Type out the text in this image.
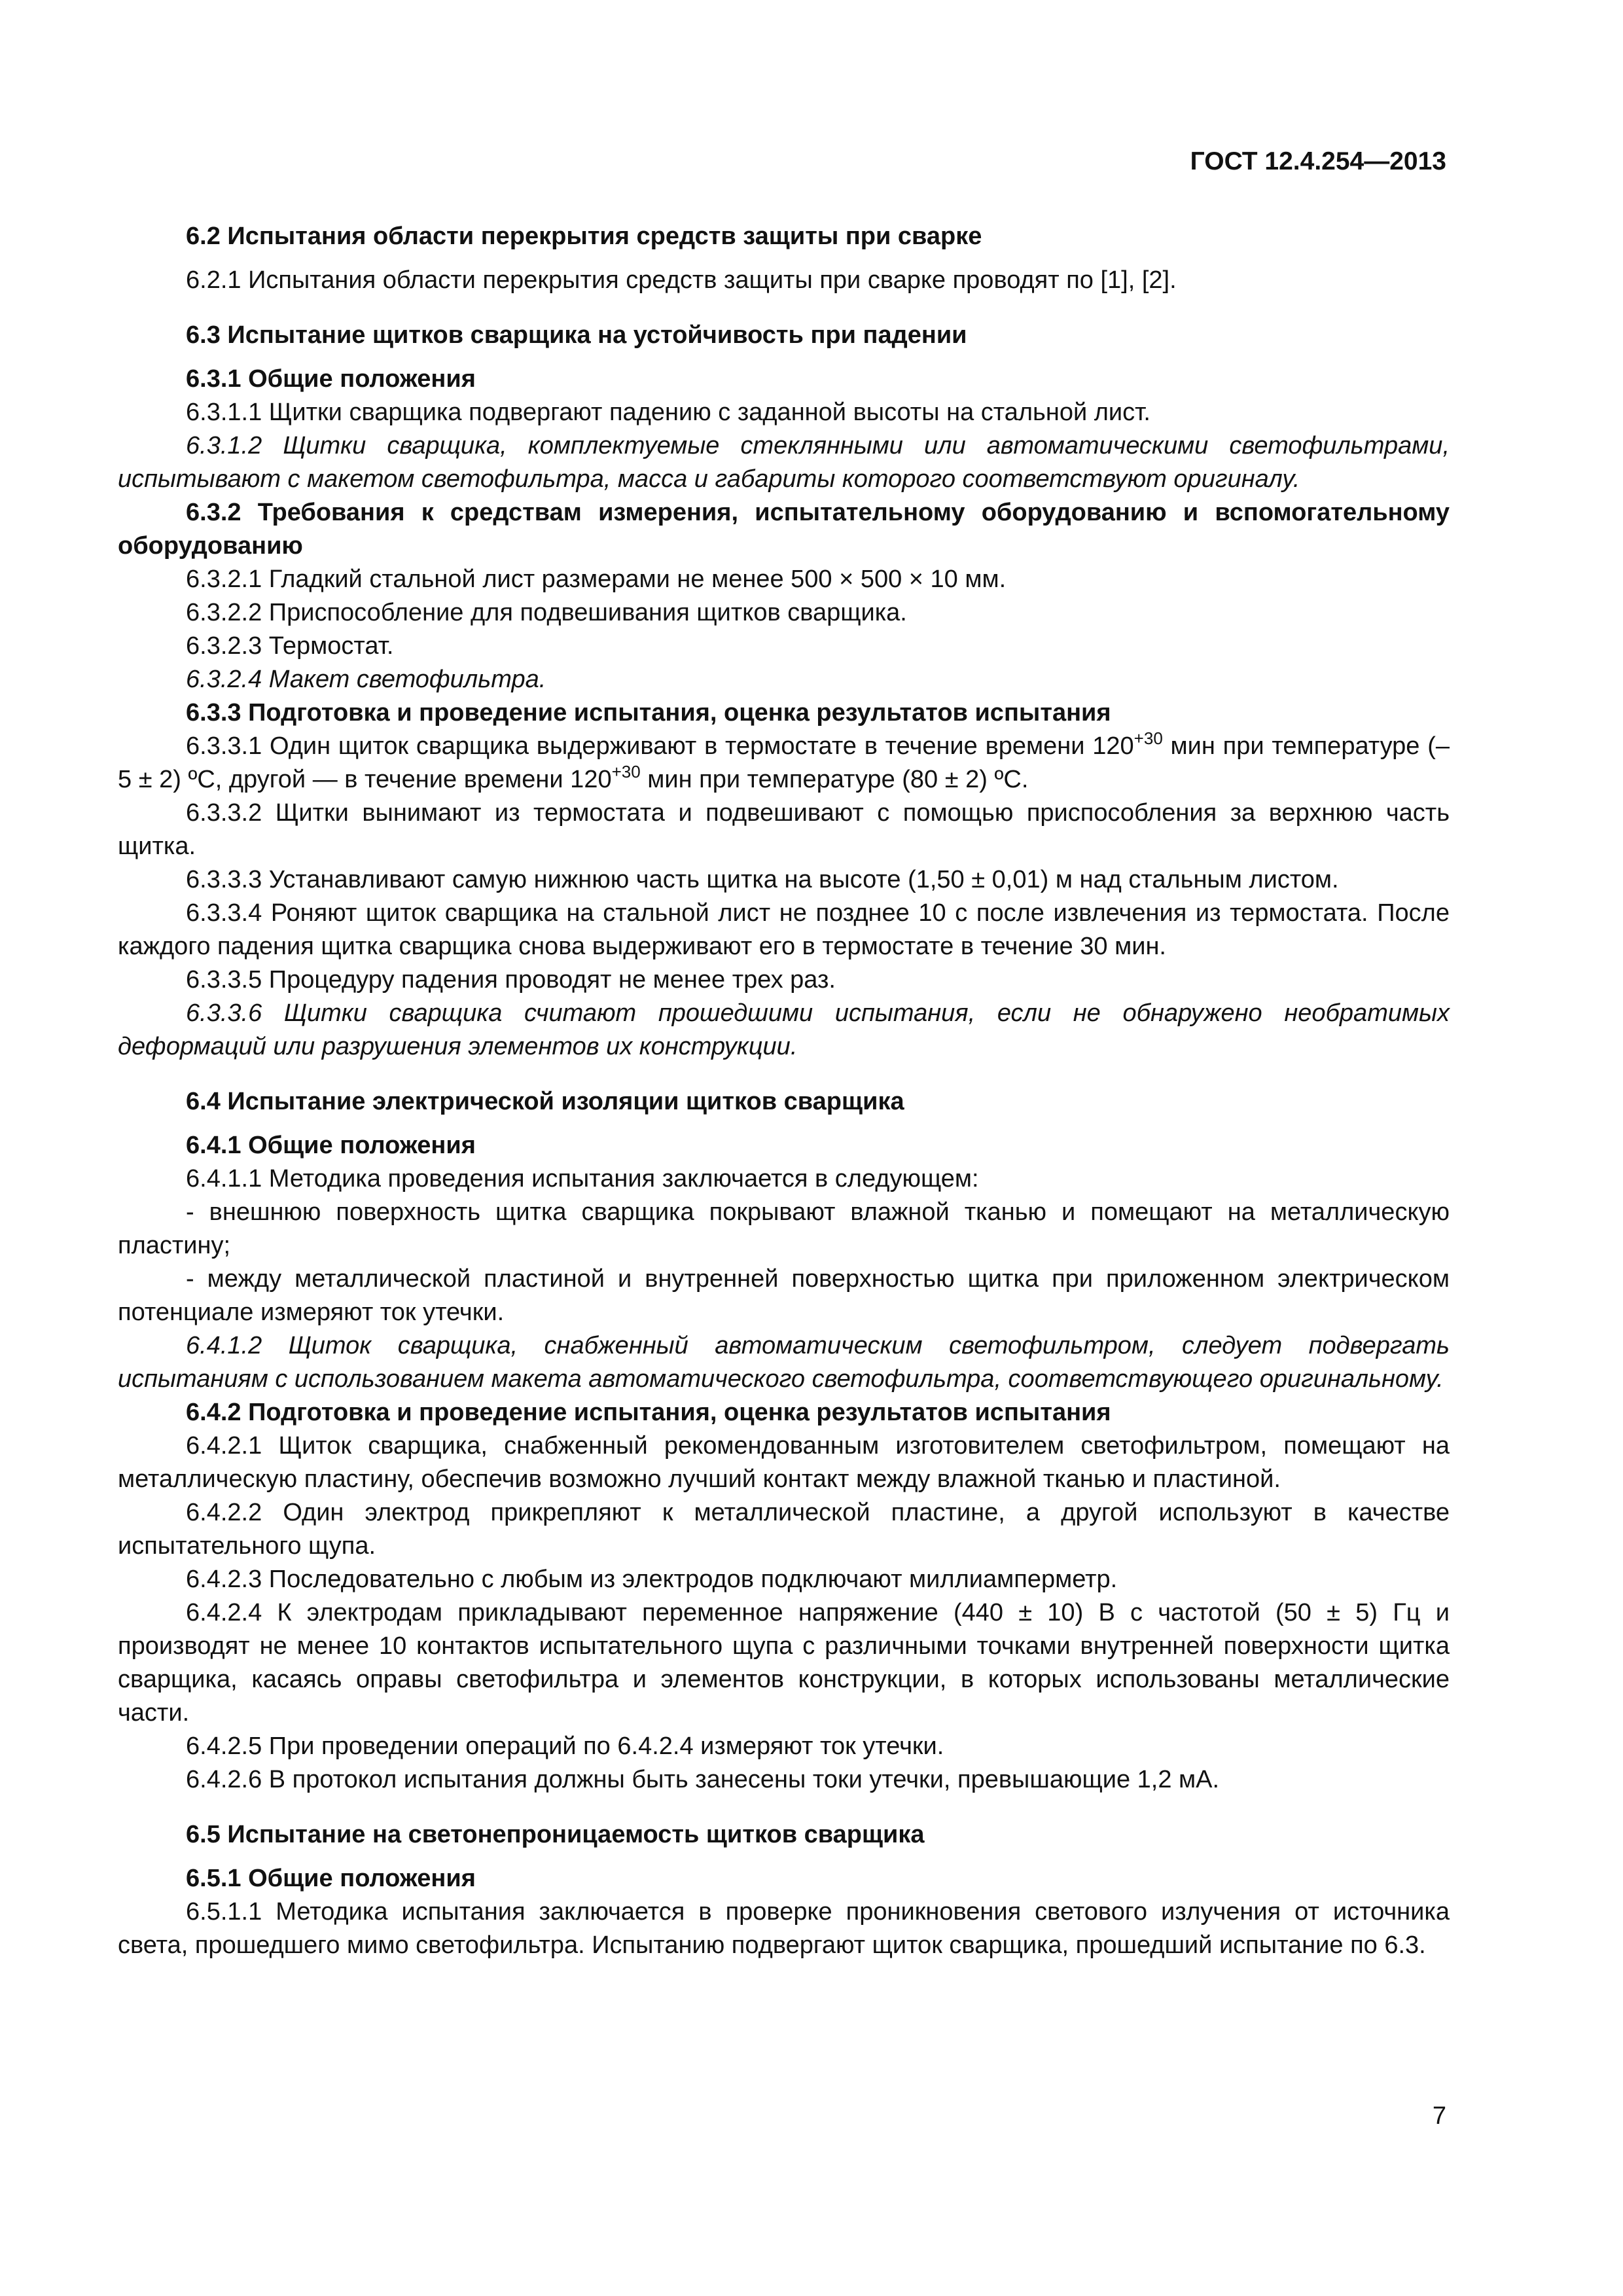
ГОСТ 12.4.254—2013

6.2 Испытания области перекрытия средств защиты при сварке

6.2.1 Испытания области перекрытия средств защиты при сварке проводят по [1], [2].

6.3 Испытание щитков сварщика на устойчивость при падении

6.3.1 Общие положения

6.3.1.1 Щитки сварщика подвергают падению с заданной высоты на стальной лист.

6.3.1.2 Щитки сварщика, комплектуемые стеклянными или автоматическими светофильтрами, испытывают с макетом светофильтра, масса и габариты которого соответствуют оригиналу.

6.3.2 Требования к средствам измерения, испытательному оборудованию и вспомогательному оборудованию

6.3.2.1 Гладкий стальной лист размерами не менее 500 × 500 × 10 мм.

6.3.2.2 Приспособление для подвешивания щитков сварщика.

6.3.2.3 Термостат.

6.3.2.4 Макет светофильтра.

6.3.3 Подготовка и проведение испытания, оценка результатов испытания

6.3.3.1 Один щиток сварщика выдерживают в термостате в течение времени $120^{+30}$ мин при температуре (–5 ± 2) ºС, другой — в течение времени $120^{+30}$ мин при температуре (80 ± 2) ºС.

6.3.3.2 Щитки вынимают из термостата и подвешивают с помощью приспособления за верхнюю часть щитка.

6.3.3.3 Устанавливают самую нижнюю часть щитка на высоте (1,50 ± 0,01) м над стальным листом.

6.3.3.4 Роняют щиток сварщика на стальной лист не позднее 10 с после извлечения из термостата. После каждого падения щитка сварщика снова выдерживают его в термостате в течение 30 мин.

6.3.3.5 Процедуру падения проводят не менее трех раз.

6.3.3.6 Щитки сварщика считают прошедшими испытания, если не обнаружено необратимых деформаций или разрушения элементов их конструкции.

6.4 Испытание электрической изоляции щитков сварщика

6.4.1 Общие положения

6.4.1.1 Методика проведения испытания заключается в следующем:

- внешнюю поверхность щитка сварщика покрывают влажной тканью и помещают на металлическую пластину;

- между металлической пластиной и внутренней поверхностью щитка при приложенном электрическом потенциале измеряют ток утечки.

6.4.1.2 Щиток сварщика, снабженный автоматическим светофильтром, следует подвергать испытаниям с использованием макета автоматического светофильтра, соответствующего оригинальному.

6.4.2 Подготовка и проведение испытания, оценка результатов испытания

6.4.2.1 Щиток сварщика, снабженный рекомендованным изготовителем светофильтром, помещают на металлическую пластину, обеспечив возможно лучший контакт между влажной тканью и пластиной.

6.4.2.2 Один электрод прикрепляют к металлической пластине, а другой используют в качестве испытательного щупа.

6.4.2.3 Последовательно с любым из электродов подключают миллиамперметр.

6.4.2.4 К электродам прикладывают переменное напряжение (440 ± 10) В с частотой (50 ± 5) Гц и производят не менее 10 контактов испытательного щупа с различными точками внутренней поверхности щитка сварщика, касаясь оправы светофильтра и элементов конструкции, в которых использованы металлические части.

6.4.2.5 При проведении операций по 6.4.2.4 измеряют ток утечки.

6.4.2.6 В протокол испытания должны быть занесены токи утечки, превышающие 1,2 мА.

6.5 Испытание на светонепроницаемость щитков сварщика

6.5.1 Общие положения

6.5.1.1 Методика испытания заключается в проверке проникновения светового излучения от источника света, прошедшего мимо светофильтра. Испытанию подвергают щиток сварщика, прошедший испытание по 6.3.

7
